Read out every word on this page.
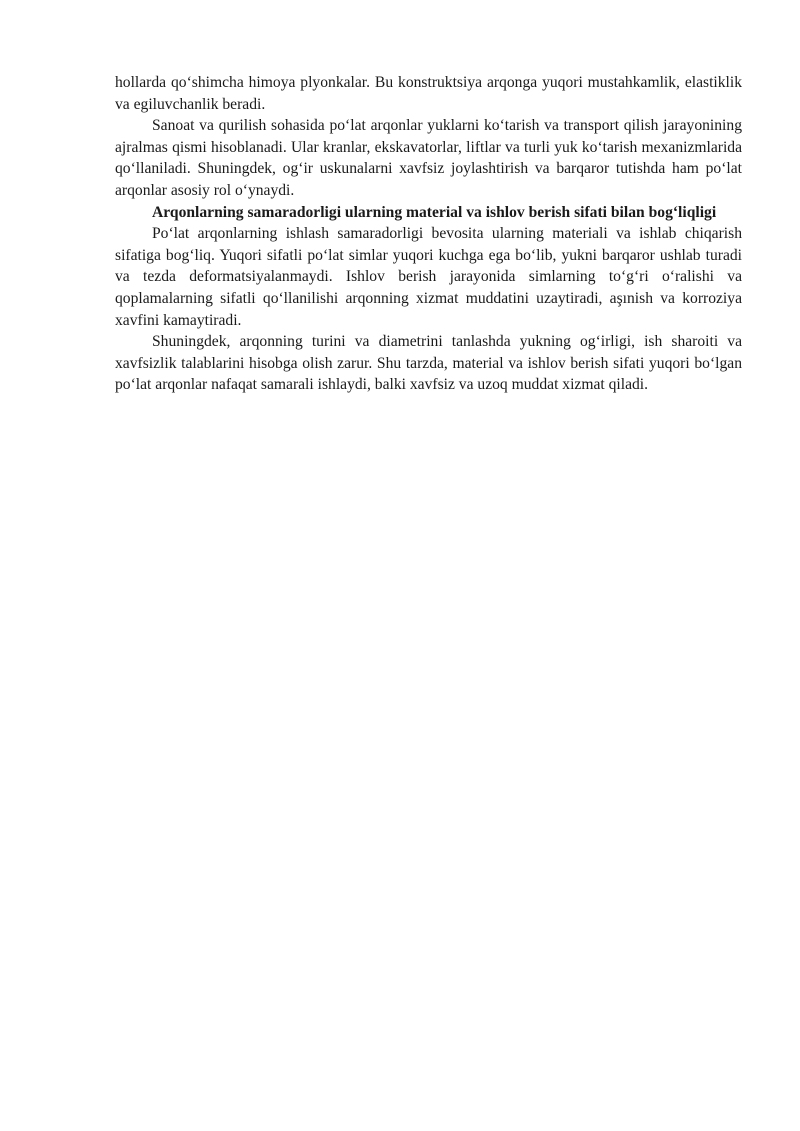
hollarda qo‘shimcha himoya plyonkalar. Bu konstruktsiya arqonga yuqori mustahkamlik, elastiklik va egiluvchanlik beradi.

Sanoat va qurilish sohasida po‘lat arqonlar yuklarni ko‘tarish va transport qilish jarayonining ajralmas qismi hisoblanadi. Ular kranlar, ekskavatorlar, liftlar va turli yuk ko‘tarish mexanizmlarida qo‘llaniladi. Shuningdek, og‘ir uskunalarni xavfsiz joylashtirish va barqaror tutishda ham po‘lat arqonlar asosiy rol o‘ynaydi.

Arqonlarning samaradorligi ularning material va ishlov berish sifati bilan bog‘liqligi

Po‘lat arqonlarning ishlash samaradorligi bevosita ularning materiali va ishlab chiqarish sifatiga bog‘liq. Yuqori sifatli po‘lat simlar yuqori kuchga ega bo‘lib, yukni barqaror ushlab turadi va tezda deformatsiyalanmaydi. Ishlov berish jarayonida simlarning to‘g‘ri o‘ralishi va qoplamalarning sifatli qo‘llanilishi arqonning xizmat muddatini uzaytiradi, aşınish va korroziya xavfini kamaytiradi.

Shuningdek, arqonning turini va diametrini tanlashda yukning og‘irligi, ish sharoiti va xavfsizlik talablarini hisobga olish zarur. Shu tarzda, material va ishlov berish sifati yuqori bo‘lgan po‘lat arqonlar nafaqat samarali ishlaydi, balki xavfsiz va uzoq muddat xizmat qiladi.
